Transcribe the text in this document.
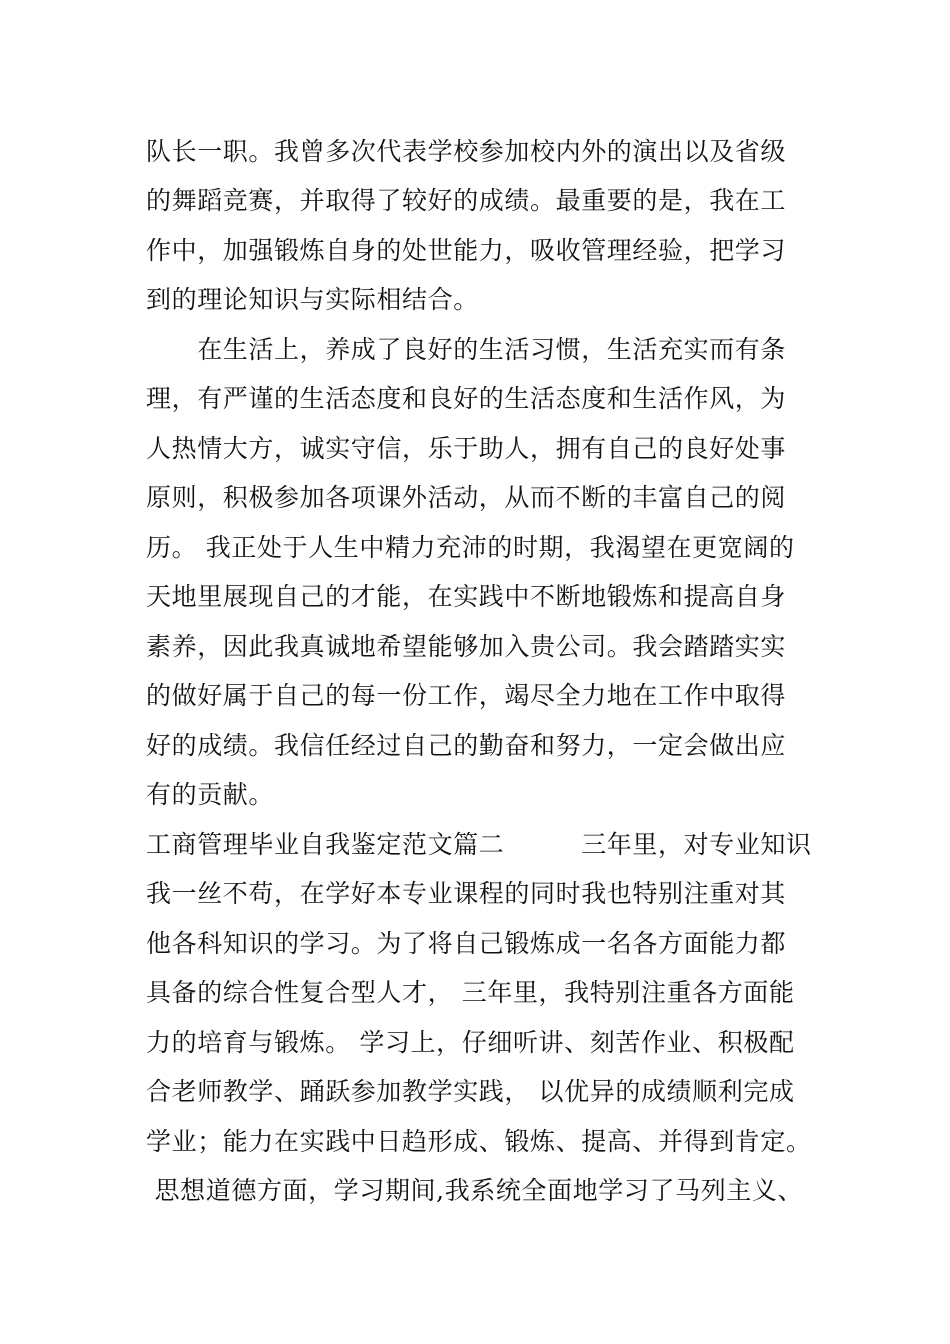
队长一职。我曾多次代表学校参加校内外的演出以及省级
的舞蹈竞赛，并取得了较好的成绩。最重要的是，我在工
作中，加强锻炼自身的处世能力，吸收管理经验，把学习
到的理论知识与实际相结合。
　　在生活上，养成了良好的生活习惯，生活充实而有条
理，有严谨的生活态度和良好的生活态度和生活作风，为
人热情大方，诚实守信，乐于助人，拥有自己的良好处事
原则，积极参加各项课外活动，从而不断的丰富自己的阅
历。 我正处于人生中精力充沛的时期，我渴望在更宽阔的
天地里展现自己的才能，在实践中不断地锻炼和提高自身
素养，因此我真诚地希望能够加入贵公司。我会踏踏实实
的做好属于自己的每一份工作，竭尽全力地在工作中取得
好的成绩。我信任经过自己的勤奋和努力，一定会做出应
有的贡献。
工商管理毕业自我鉴定范文篇二　　　三年里，对专业知识
我一丝不苟，在学好本专业课程的同时我也特别注重对其
他各科知识的学习。为了将自己锻炼成一名各方面能力都
具备的综合性复合型人才， 三年里，我特别注重各方面能
力的培育与锻炼。 学习上，仔细听讲、刻苦作业、积极配
合老师教学、踊跃参加教学实践， 以优异的成绩顺利完成
学业；能力在实践中日趋形成、锻炼、提高、并得到肯定。
思想道德方面，学习期间,我系统全面地学习了马列主义、
